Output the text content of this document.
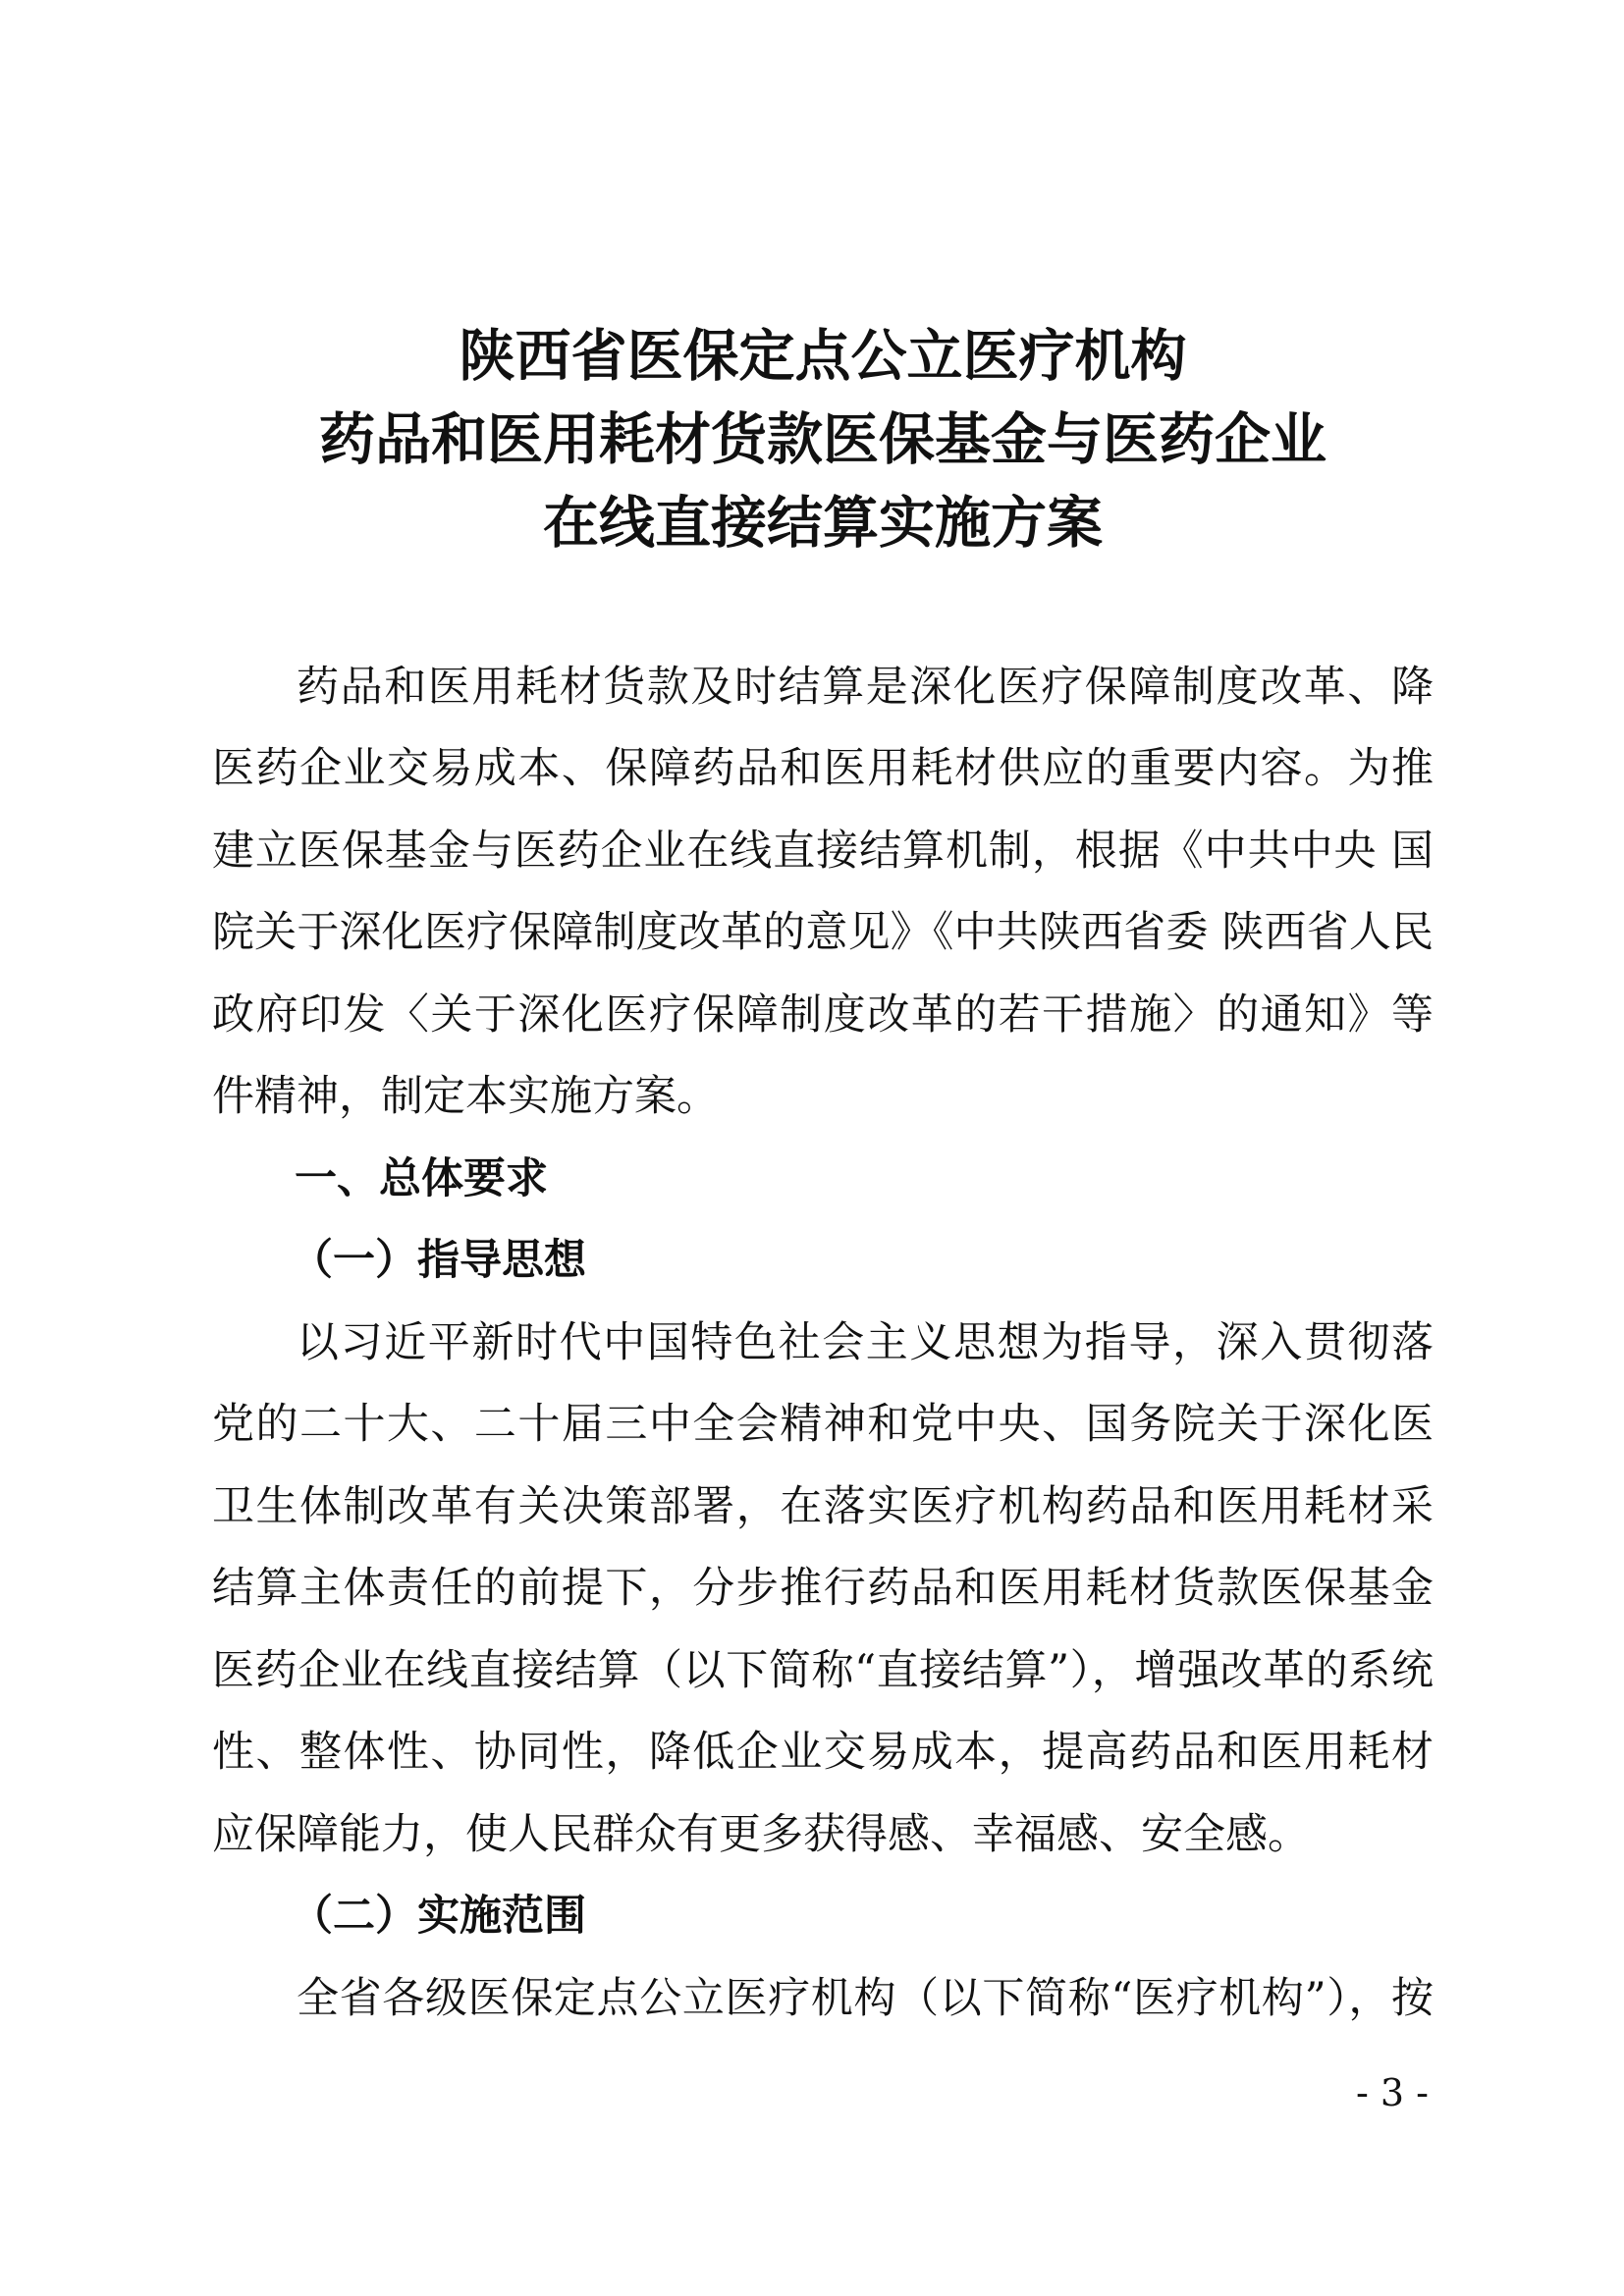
陕西省医保定点公立医疗机构
药品和医用耗材货款医保基金与医药企业
在线直接结算实施方案
药品和医用耗材货款及时结算是深化医疗保障制度改革、降
医药企业交易成本、保障药品和医用耗材供应的重要内容。为推
建立医保基金与医药企业在线直接结算机制，根据《中共中央 国
院关于深化医疗保障制度改革的意见》《中共陕西省委 陕西省人民
政府印发〈关于深化医疗保障制度改革的若干措施〉的通知》等
件精神，制定本实施方案。
一、总体要求
（一）指导思想
以习近平新时代中国特色社会主义思想为指导，深入贯彻落
党的二十大、二十届三中全会精神和党中央、国务院关于深化医
卫生体制改革有关决策部署，在落实医疗机构药品和医用耗材采
结算主体责任的前提下，分步推行药品和医用耗材货款医保基金
医药企业在线直接结算（以下简称“直接结算”），增强改革的系统
性、整体性、协同性，降低企业交易成本，提高药品和医用耗材
应保障能力，使人民群众有更多获得感、幸福感、安全感。
（二）实施范围
全省各级医保定点公立医疗机构（以下简称“医疗机构”），按
- 3 -
